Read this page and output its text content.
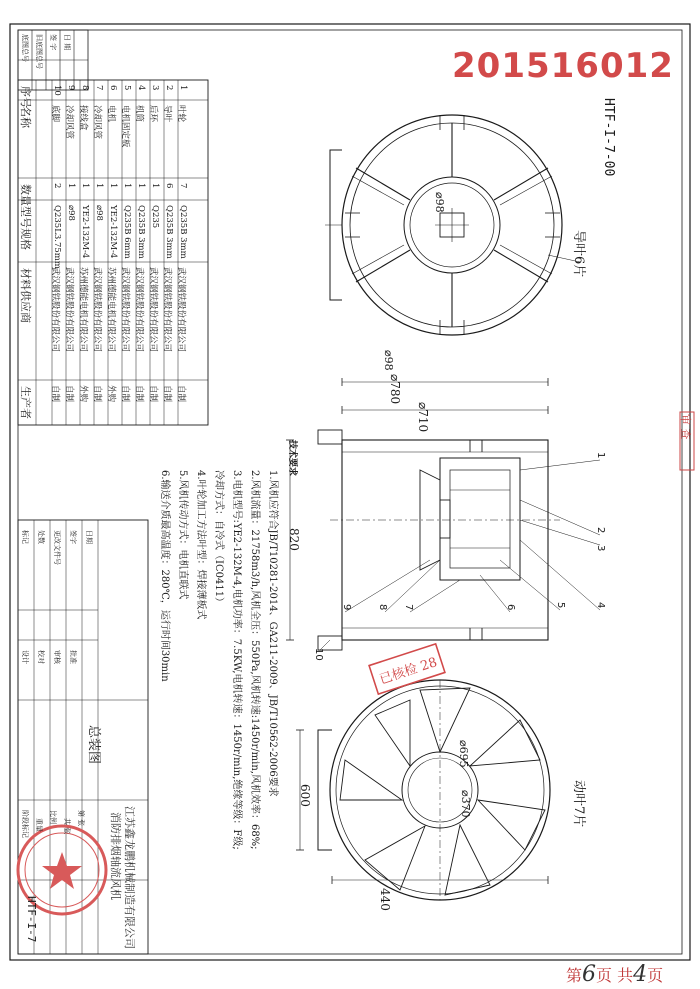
201516012
HTF-I-7-00
导叶6片
动叶7片
⌀98
⌀98
⌀780
⌀710
820
⌀695
⌀370
600
440
1
2
3
4
5
6
7
8
9
10
技术要求
1.风机应符合JB/T10281-2014、GA211-2009、JB/T10562-2006要求
2.风机流量：21758m3/h,风机全压：550Pa,风机转速:1450r/min,风机效率：68%;
3.电机型号:YE2-132M-4,电机功率：7.5KW,电机转速：1450r/min,绝缘等级：F级;
冷却方式：自冷式（IC0411）
4.叶轮加工方法叶型：焊接薄板式
5.风机传动方式：电机直联式
6.输送介质最高温度：280℃，运行时间30min
序号
名称
数量
型号规格
材料供应商
生产者
10
底脚
2
Q235L3.75mm
武汉钢铁股份有限公司
自制
9
冷却风管
1
⌀98
武汉钢铁股份有限公司
自制
8
接线盒
1
YE2-132M-4
苏州德能电机有限公司
外购
7
冷却风管
1
⌀98
武汉钢铁股份有限公司
自制
6
电机
1
YE2-132M-4
苏州德能电机有限公司
外购
5
电机固定板
1
Q235B 6mm
武汉钢铁股份有限公司
自制
4
机筒
1
Q235B 3mm
武汉钢铁股份有限公司
自制
3
后环
1
Q235
武汉钢铁股份有限公司
自制
2
导叶
6
Q235B 3mm
武汉钢铁股份有限公司
自制
1
叶轮
7
Q235B 3mm
武汉钢铁股份有限公司
自制
总装图
江苏鑫龙鹏机械制造有限公司
消防排烟轴流风机
HTF-I-7
底图总号 旧底图总号 签 字 日 期
标记 处数 更改文件号 签字 日期
设计 校对 审核 批准
阶段标记 重量
比例
共 张 第 张
已核检 28
审 查
第6页 共4页
